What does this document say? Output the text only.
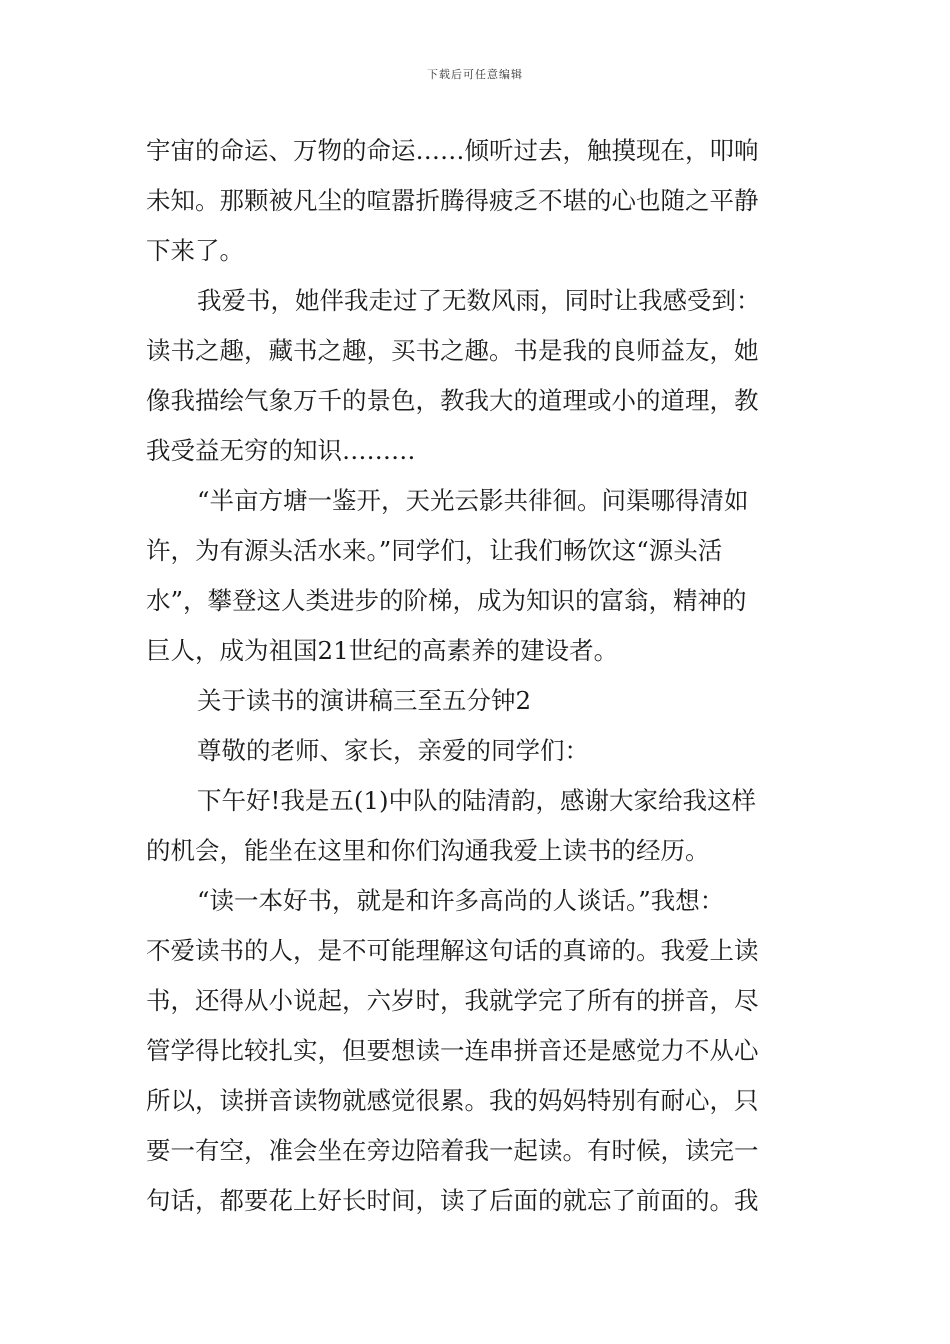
下载后可任意编辑
宇宙的命运、万物的命运……倾听过去，触摸现在，叩响
未知。那颗被凡尘的喧嚣折腾得疲乏不堪的心也随之平静
下来了。
我爱书，她伴我走过了无数风雨，同时让我感受到：
读书之趣，藏书之趣，买书之趣。书是我的良师益友，她
像我描绘气象万千的景色，教我大的道理或小的道理，教
我受益无穷的知识………
“半亩方塘一鉴开，天光云影共徘徊。问渠哪得清如
许，为有源头活水来。”同学们，让我们畅饮这“源头活
水”，攀登这人类进步的阶梯，成为知识的富翁，精神的
巨人，成为祖国21世纪的高素养的建设者。
关于读书的演讲稿三至五分钟2
尊敬的老师、家长，亲爱的同学们：
下午好!我是五(1)中队的陆清韵，感谢大家给我这样
的机会，能坐在这里和你们沟通我爱上读书的经历。
“读一本好书，就是和许多高尚的人谈话。”我想：
不爱读书的人，是不可能理解这句话的真谛的。我爱上读
书，还得从小说起，六岁时，我就学完了所有的拼音，尽
管学得比较扎实，但要想读一连串拼音还是感觉力不从心
所以，读拼音读物就感觉很累。我的妈妈特别有耐心，只
要一有空，准会坐在旁边陪着我一起读。有时候，读完一
句话，都要花上好长时间，读了后面的就忘了前面的。我
